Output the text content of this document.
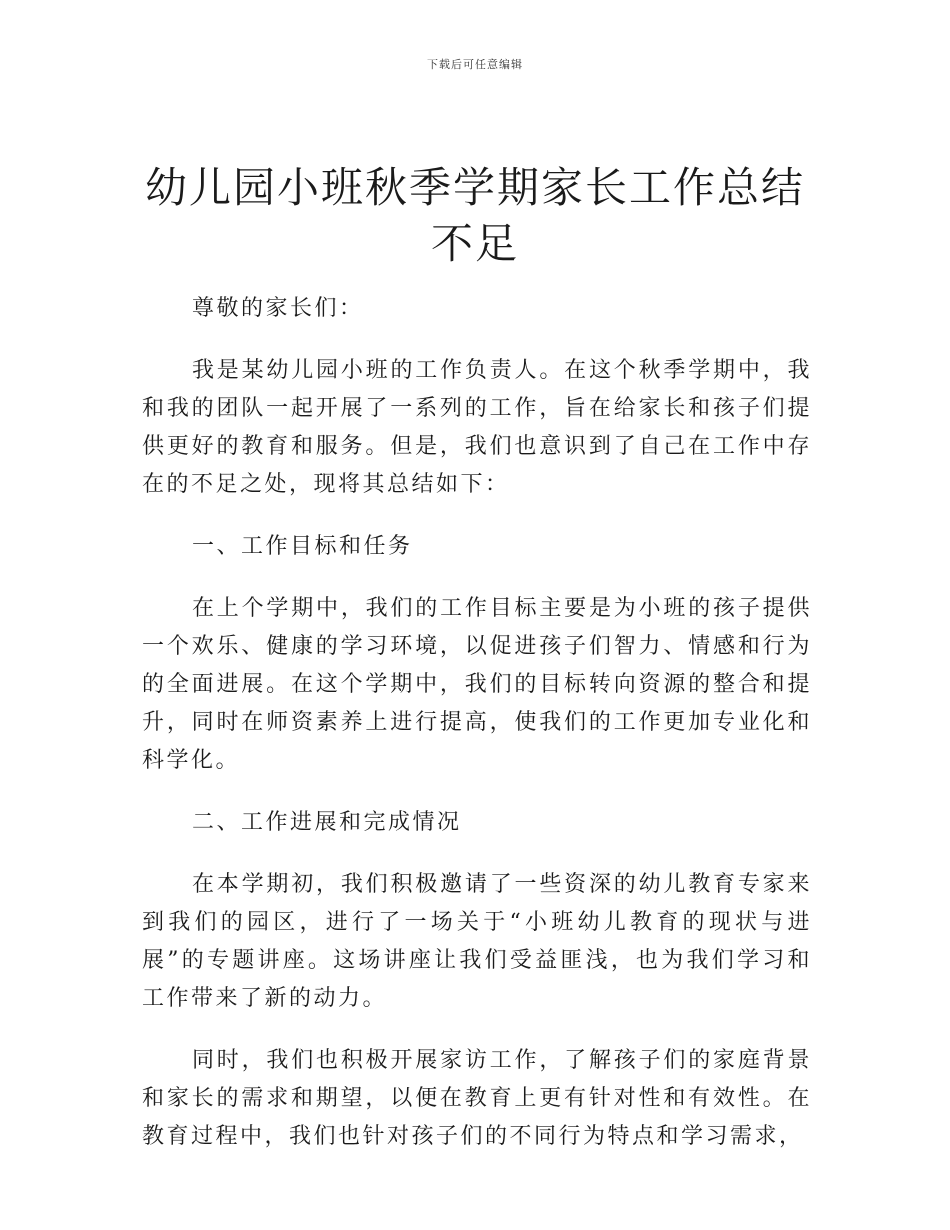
下载后可任意编辑
幼儿园小班秋季学期家长工作总结不足

尊敬的家长们：

我是某幼儿园小班的工作负责人。在这个秋季学期中，我和我的团队一起开展了一系列的工作，旨在给家长和孩子们提供更好的教育和服务。但是，我们也意识到了自己在工作中存在的不足之处，现将其总结如下：

一、工作目标和任务

在上个学期中，我们的工作目标主要是为小班的孩子提供一个欢乐、健康的学习环境，以促进孩子们智力、情感和行为的全面进展。在这个学期中，我们的目标转向资源的整合和提升，同时在师资素养上进行提高，使我们的工作更加专业化和科学化。

二、工作进展和完成情况

在本学期初，我们积极邀请了一些资深的幼儿教育专家来到我们的园区，进行了一场关于“小班幼儿教育的现状与进展”的专题讲座。这场讲座让我们受益匪浅，也为我们学习和工作带来了新的动力。

同时，我们也积极开展家访工作，了解孩子们的家庭背景和家长的需求和期望，以便在教育上更有针对性和有效性。在教育过程中，我们也针对孩子们的不同行为特点和学习需求，
